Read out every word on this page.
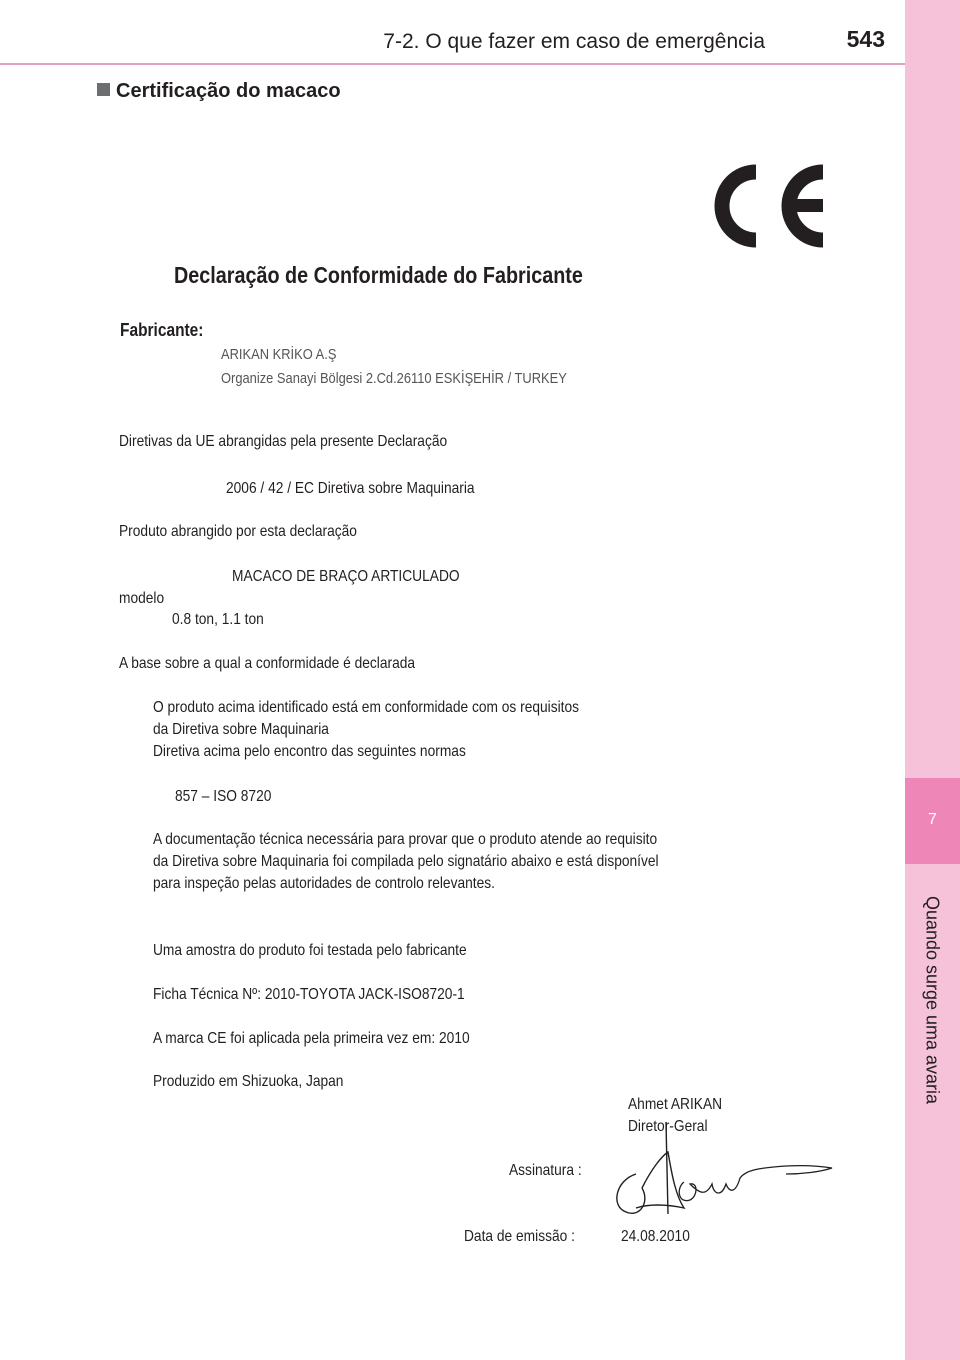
7
Quando surge uma avaria
7-2. O que fazer em caso de emergência	543
Certificação do macaco
Declaração de Conformidade do Fabricante
Fabricante:
ARIKAN KRİKO A.Ş
Organize Sanayi Bölgesi 2.Cd.26110 ESKİŞEHİR / TURKEY
Diretivas da UE abrangidas pela presente Declaração
2006 / 42 / EC Diretiva sobre Maquinaria
Produto abrangido por esta declaração
MACACO DE BRAÇO ARTICULADO
modelo
0.8 ton, 1.1 ton
A base sobre a qual a conformidade é declarada
O produto acima identificado está em conformidade com os requisitos
da Diretiva sobre Maquinaria
Diretiva acima pelo encontro das seguintes normas
857 – ISO 8720
A documentação técnica necessária para provar que o produto atende ao requisito
da Diretiva sobre Maquinaria foi compilada pelo signatário abaixo e está disponível
para inspeção pelas autoridades de controlo relevantes.
Uma amostra do produto foi testada pelo fabricante
Ficha Técnica Nº: 2010-TOYOTA JACK-ISO8720-1
A marca CE foi aplicada pela primeira vez em: 2010
Produzido em Shizuoka, Japan
Ahmet ARIKAN
Diretor-Geral
Assinatura :
Data de emissão :	24.08.2010
